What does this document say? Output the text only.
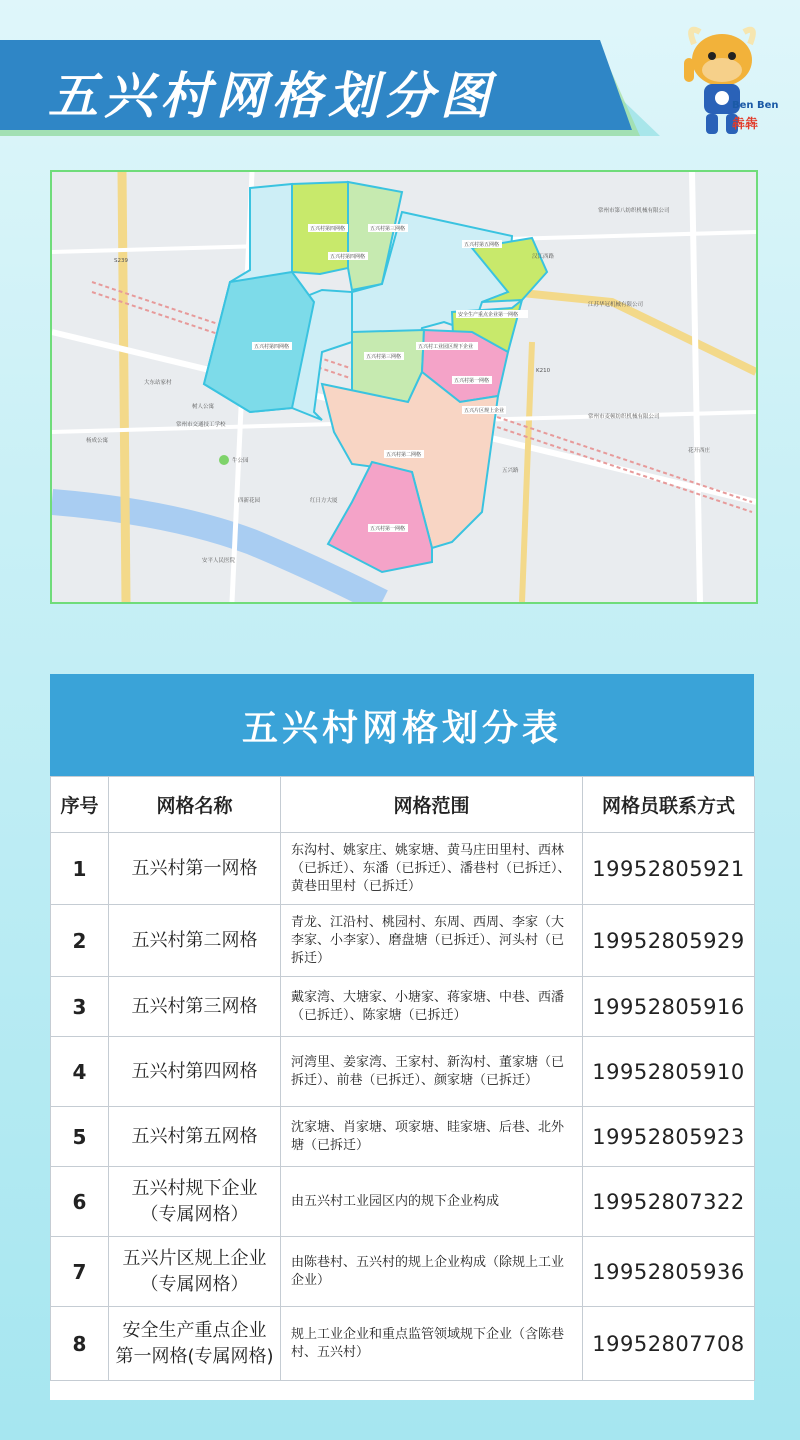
五兴村网格划分图	Ben Ben
犇犇
五兴村第四网格
五兴村第四网格
五兴村第四网格
五兴村第三网格
五兴村第五网格
安全生产重点企业第一网格
五兴村工业园区规下企业
五兴村第三网格
五兴村第一网格
五兴片区规上企业
五兴村第二网格
五兴村第一网格
大东站家村
树人公寓
常州市交通技工学校
杨成公寓
牛公园
四新花园	红日方大厦
花开西庄
安平人民医院
常州市第八纺织机械有限公司
江苏华冠机械有限公司
常州市麦顿纺织机械有限公司
汉江西路
五兴路
K210
S239
五兴村网格划分表
序号	网格名称	网格范围	网格员联系方式
1	五兴村第一网格	东沟村、姚家庄、姚家塘、黄马庄田里村、西林（已拆迁）、东潘（已拆迁）、潘巷村（已拆迁）、黄巷田里村（已拆迁）	19952805921
2	五兴村第二网格	青龙、江沿村、桃园村、东周、西周、李家（大李家、小李家）、磨盘塘（已拆迁）、河头村（已拆迁）	19952805929
3	五兴村第三网格	戴家湾、大塘家、小塘家、蒋家塘、中巷、西潘（已拆迁）、陈家塘（已拆迁）	19952805916
4	五兴村第四网格	河湾里、姜家湾、王家村、新沟村、董家塘（已拆迁）、前巷（已拆迁）、颜家塘（已拆迁）	19952805910
5	五兴村第五网格	沈家塘、肖家塘、项家塘、眭家塘、后巷、北外塘（已拆迁）	19952805923
6	五兴村规下企业（专属网格）	由五兴村工业园区内的规下企业构成	19952807322
7	五兴片区规上企业（专属网格）	由陈巷村、五兴村的规上企业构成（除规上工业企业）	19952805936
8	安全生产重点企业第一网格(专属网格)	规上工业企业和重点监管领域规下企业（含陈巷村、五兴村）	19952807708
